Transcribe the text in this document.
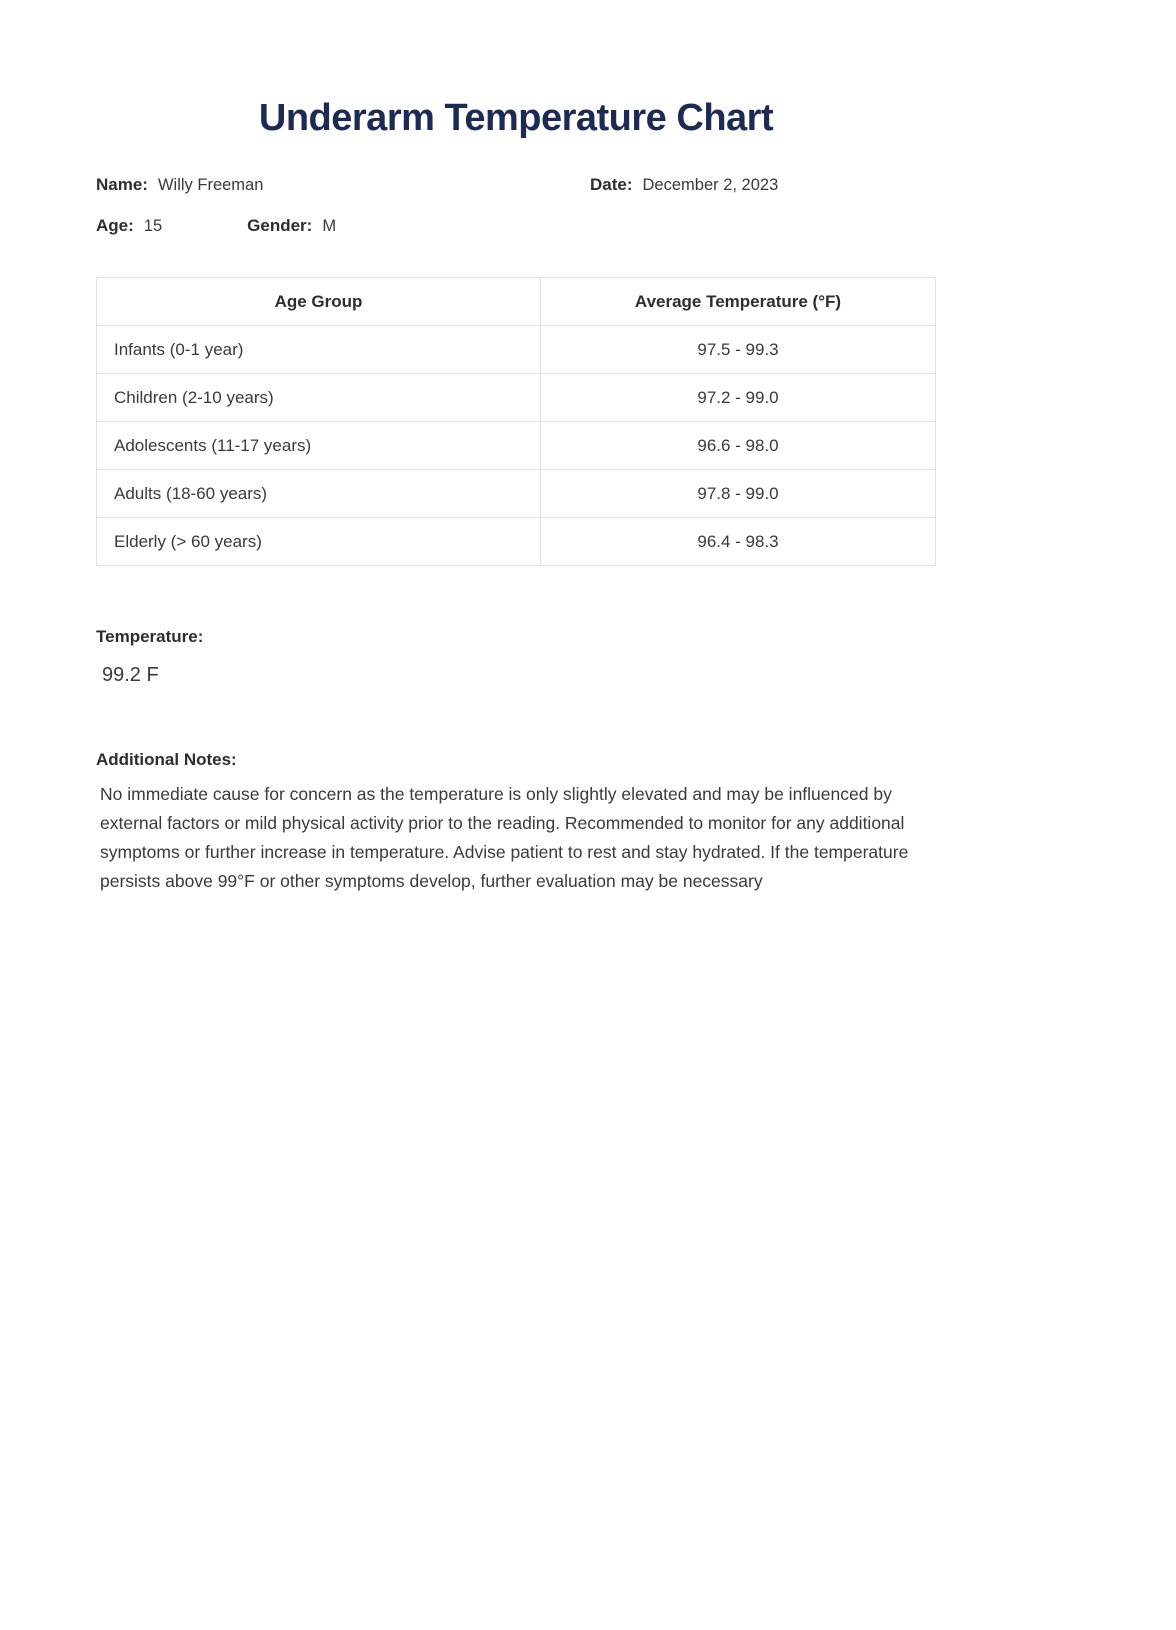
Underarm Temperature Chart
Name: Willy Freeman	Date: December 2, 2023
Age: 15	Gender: M
Age Group	Average Temperature (°F)
Infants (0-1 year)	97.5 - 99.3
Children (2-10 years)	97.2 - 99.0
Adolescents (11-17 years)	96.6 - 98.0
Adults (18-60 years)	97.8 - 99.0
Elderly (> 60 years)	96.4 - 98.3
Temperature:
99.2 F
Additional Notes:
No immediate cause for concern as the temperature is only slightly elevated and may be influenced by external factors or mild physical activity prior to the reading. Recommended to monitor for any additional symptoms or further increase in temperature. Advise patient to rest and stay hydrated. If the temperature persists above 99°F or other symptoms develop, further evaluation may be necessary
